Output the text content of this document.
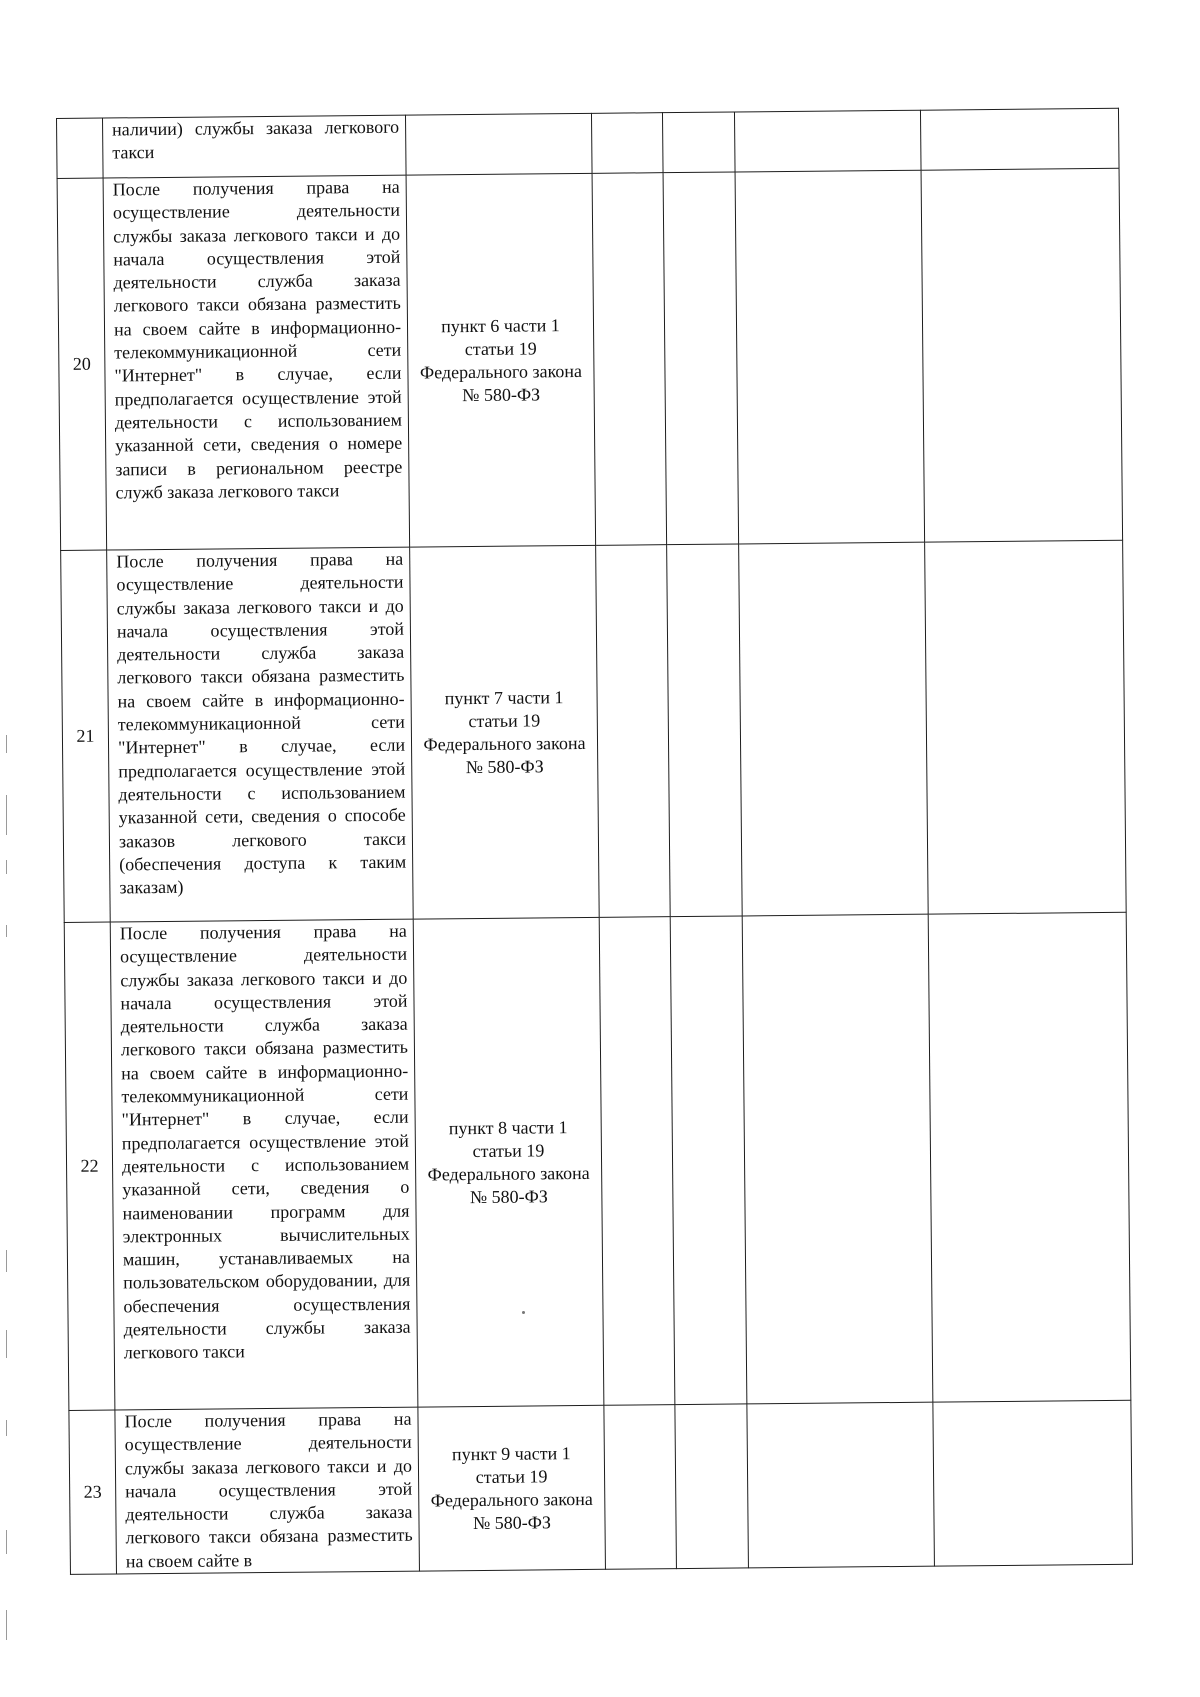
	наличии) службы заказа легкового такси					
20	После получения права на осуществление деятельности службы заказа легкового такси и до начала осуществления этой деятельности служба заказа легкового такси обязана разместить на своем сайте в информационно-телекоммуникационной сети "Интернет" в случае, если предполагается осуществление этой деятельности с использованием указанной сети, сведения о номере записи в региональном реестре служб заказа легкового такси	пункт 6 части 1 статьи 19 Федерального закона № 580-ФЗ				
21	После получения права на осуществление деятельности службы заказа легкового такси и до начала осуществления этой деятельности служба заказа легкового такси обязана разместить на своем сайте в информационно-телекоммуникационной сети "Интернет" в случае, если предполагается осуществление этой деятельности с использованием указанной сети, сведения о способе заказов легкового такси (обеспечения доступа к таким заказам)	пункт 7 части 1 статьи 19 Федерального закона № 580-ФЗ				
22	После получения права на осуществление деятельности службы заказа легкового такси и до начала осуществления этой деятельности служба заказа легкового такси обязана разместить на своем сайте в информационно-телекоммуникационной сети "Интернет" в случае, если предполагается осуществление этой деятельности с использованием указанной сети, сведения о наименовании программ для электронных вычислительных машин, устанавливаемых на пользовательском оборудовании, для обеспечения осуществления деятельности службы заказа легкового такси	пункт 8 части 1 статьи 19 Федерального закона № 580-ФЗ				
23	После получения права на осуществление деятельности службы заказа легкового такси и до начала осуществления этой деятельности служба заказа легкового такси обязана разместить на своем сайте в	пункт 9 части 1 статьи 19 Федерального закона № 580-ФЗ				
